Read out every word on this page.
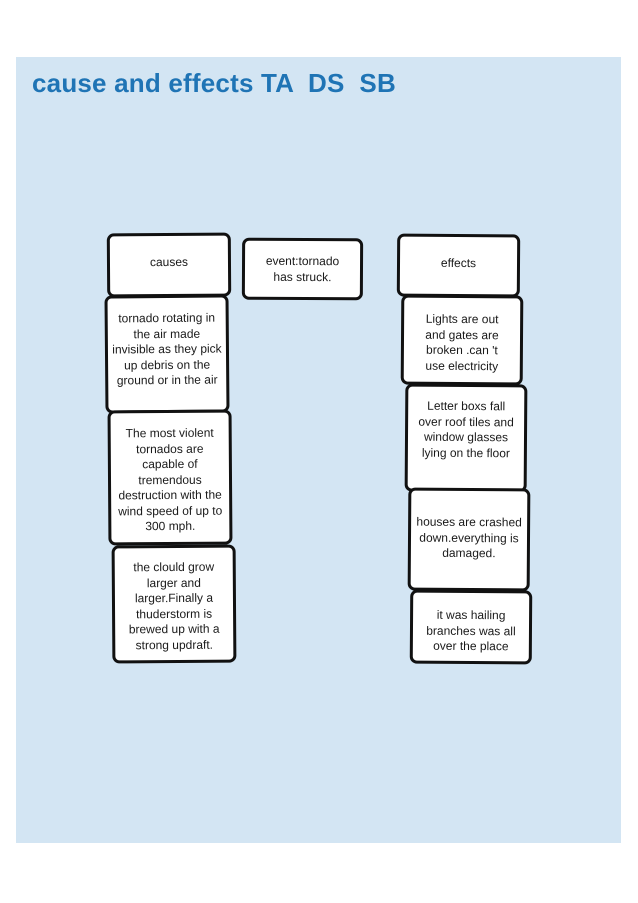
cause and effects TA  DS  SB
causes
tornado rotating in the air made invisible as they pick up debris on the ground or in the air
The most violent tornados are capable of tremendous destruction with the wind speed of up to 300 mph.
the clould grow larger and larger.Finally a thuderstorm is brewed up with a strong updraft.
event:tornado has struck.
effects
Lights are out and gates are broken .can 't use electricity
Letter boxs fall over roof tiles and window glasses lying on the floor
houses are crashed down.everything is damaged.
it was hailing branches was all over the place
